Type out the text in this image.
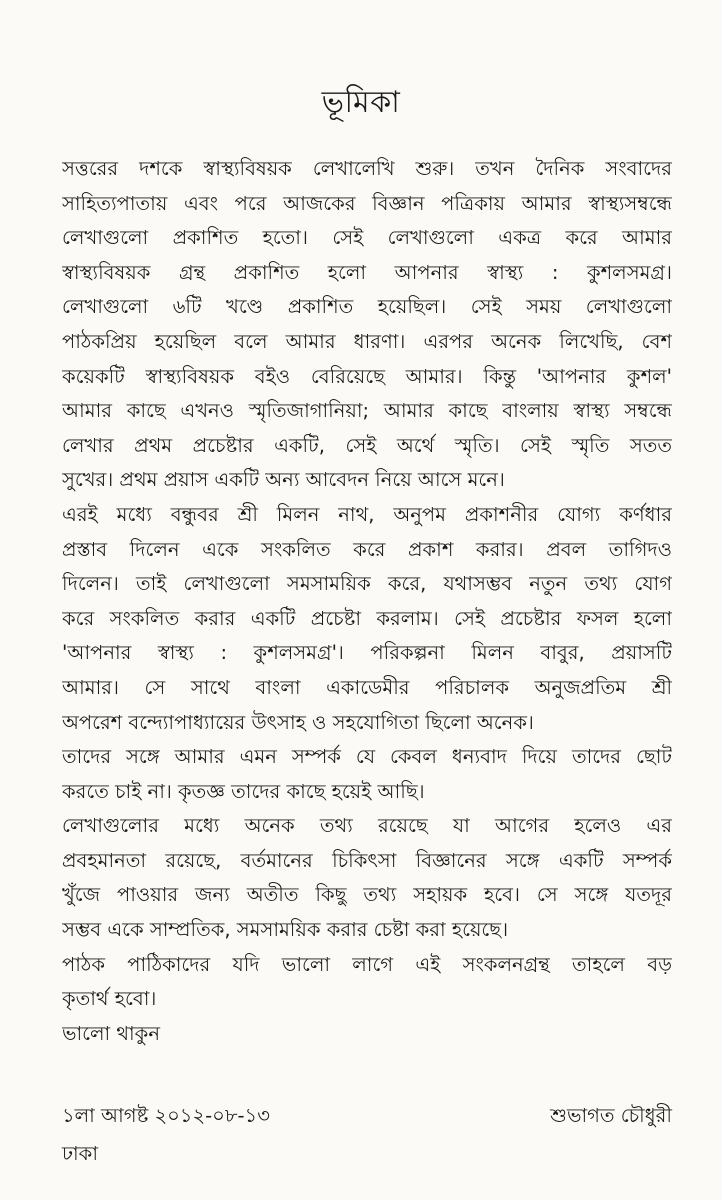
ভূমিকা
সত্তরের দশকে স্বাস্থ্যবিষয়ক লেখালেখি শুরু। তখন দৈনিক সংবাদের
সাহিত্যপাতায় এবং পরে আজকের বিজ্ঞান পত্রিকায় আমার স্বাস্থ্যসম্বন্ধে
লেখাগুলো প্রকাশিত হতো। সেই লেখাগুলো একত্র করে আমার
স্বাস্থ্যবিষয়ক গ্রন্থ প্রকাশিত হলো আপনার স্বাস্থ্য : কুশলসমগ্র।
লেখাগুলো ৬টি খণ্ডে প্রকাশিত হয়েছিল। সেই সময় লেখাগুলো
পাঠকপ্রিয় হয়েছিল বলে আমার ধারণা। এরপর অনেক লিখেছি, বেশ
কয়েকটি স্বাস্থ্যবিষয়ক বইও বেরিয়েছে আমার। কিন্তু 'আপনার কুশল'
আমার কাছে এখনও স্মৃতিজাগানিয়া; আমার কাছে বাংলায় স্বাস্থ্য সম্বন্ধে
লেখার প্রথম প্রচেষ্টার একটি, সেই অর্থে স্মৃতি। সেই স্মৃতি সতত
সুখের। প্রথম প্রয়াস একটি অন্য আবেদন নিয়ে আসে মনে।
এরই মধ্যে বন্ধুবর শ্রী মিলন নাথ, অনুপম প্রকাশনীর যোগ্য কর্ণধার
প্রস্তাব দিলেন একে সংকলিত করে প্রকাশ করার। প্রবল তাগিদও
দিলেন। তাই লেখাগুলো সমসাময়িক করে, যথাসম্ভব নতুন তথ্য যোগ
করে সংকলিত করার একটি প্রচেষ্টা করলাম। সেই প্রচেষ্টার ফসল হলো
'আপনার স্বাস্থ্য : কুশলসমগ্র'। পরিকল্পনা মিলন বাবুর, প্রয়াসটি
আমার। সে সাথে বাংলা একাডেমীর পরিচালক অনুজপ্রতিম শ্রী
অপরেশ বন্দ্যোপাধ্যায়ের উৎসাহ ও সহযোগিতা ছিলো অনেক।
তাদের সঙ্গে আমার এমন সম্পর্ক যে কেবল ধন্যবাদ দিয়ে তাদের ছোট
করতে চাই না। কৃতজ্ঞ তাদের কাছে হয়েই আছি।
লেখাগুলোর মধ্যে অনেক তথ্য রয়েছে যা আগের হলেও এর
প্রবহমানতা রয়েছে, বর্তমানের চিকিৎসা বিজ্ঞানের সঙ্গে একটি সম্পর্ক
খুঁজে পাওয়ার জন্য অতীত কিছু তথ্য সহায়ক হবে। সে সঙ্গে যতদূর
সম্ভব একে সাম্প্রতিক, সমসাময়িক করার চেষ্টা করা হয়েছে।
পাঠক পাঠিকাদের যদি ভালো লাগে এই সংকলনগ্রন্থ তাহলে বড়
কৃতার্থ হবো।
ভালো থাকুন
১লা আগষ্ট ২০১২-০৮-১৩	শুভাগত চৌধুরী
ঢাকা
